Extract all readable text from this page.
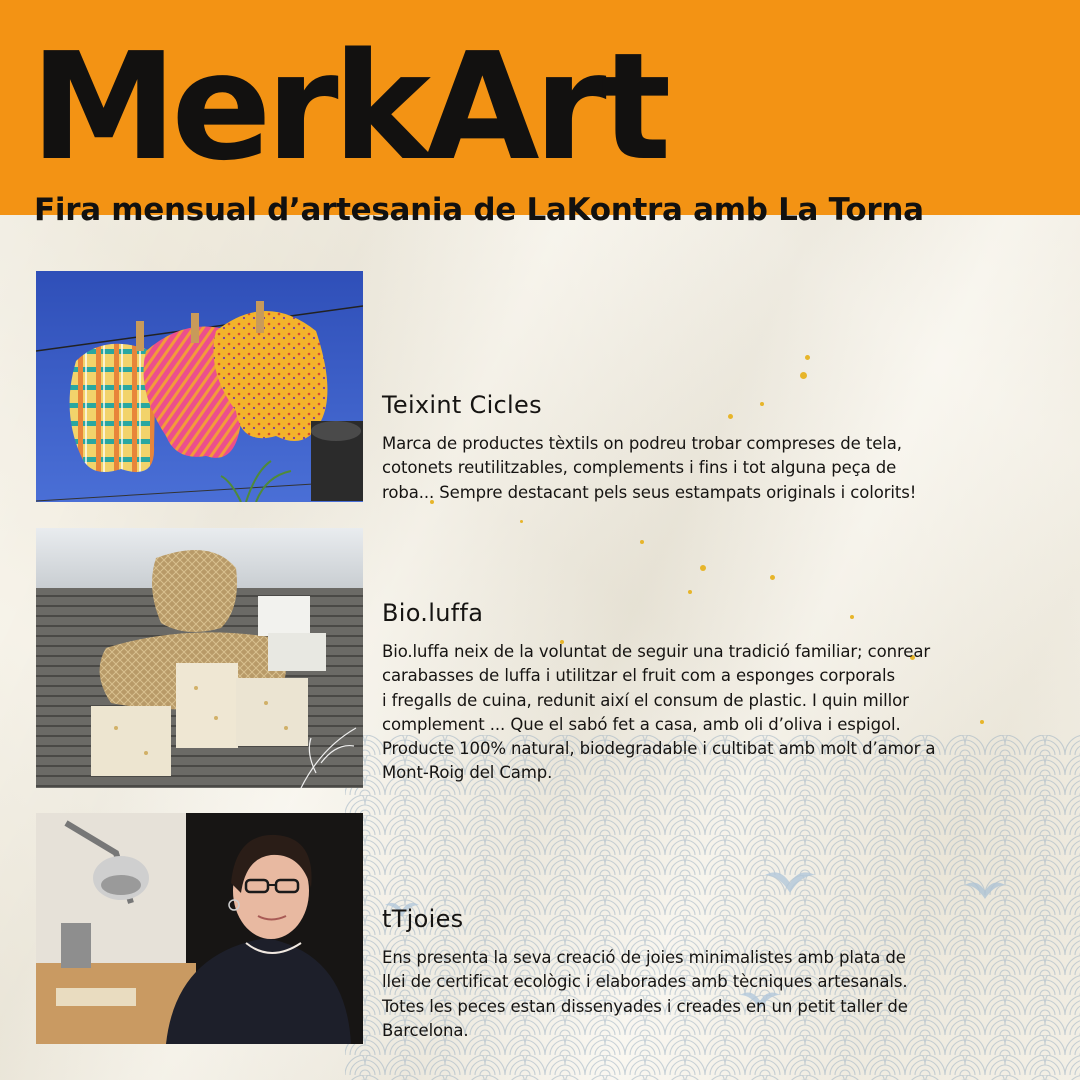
MerkArt
Fira mensual d’artesania de LaKontra amb La Torna
Teixint Cicles

Marca de productes tèxtils on podreu trobar compreses de tela,
cotonets reutilitzables, complements i fins i tot alguna peça de
roba... Sempre destacant pels seus estampats originals i colorits!

Bio.luffa

Bio.luffa neix de la voluntat de seguir una tradició familiar; conrear
carabasses de luffa i utilitzar el fruit com a esponges corporals
i fregalls de cuina, redunit així el consum de plastic. I quin millor
complement ... Que el sabó fet a casa, amb oli d’oliva i espigol.
Producte 100% natural, biodegradable i cultibat amb molt d’amor a
Mont-Roig del Camp.

tTjoies

Ens presenta la seva creació de joies minimalistes amb plata de
llei de certificat ecològic i elaborades amb tècniques artesanals.
Totes les peces estan dissenyades i creades en un petit taller de
Barcelona.
